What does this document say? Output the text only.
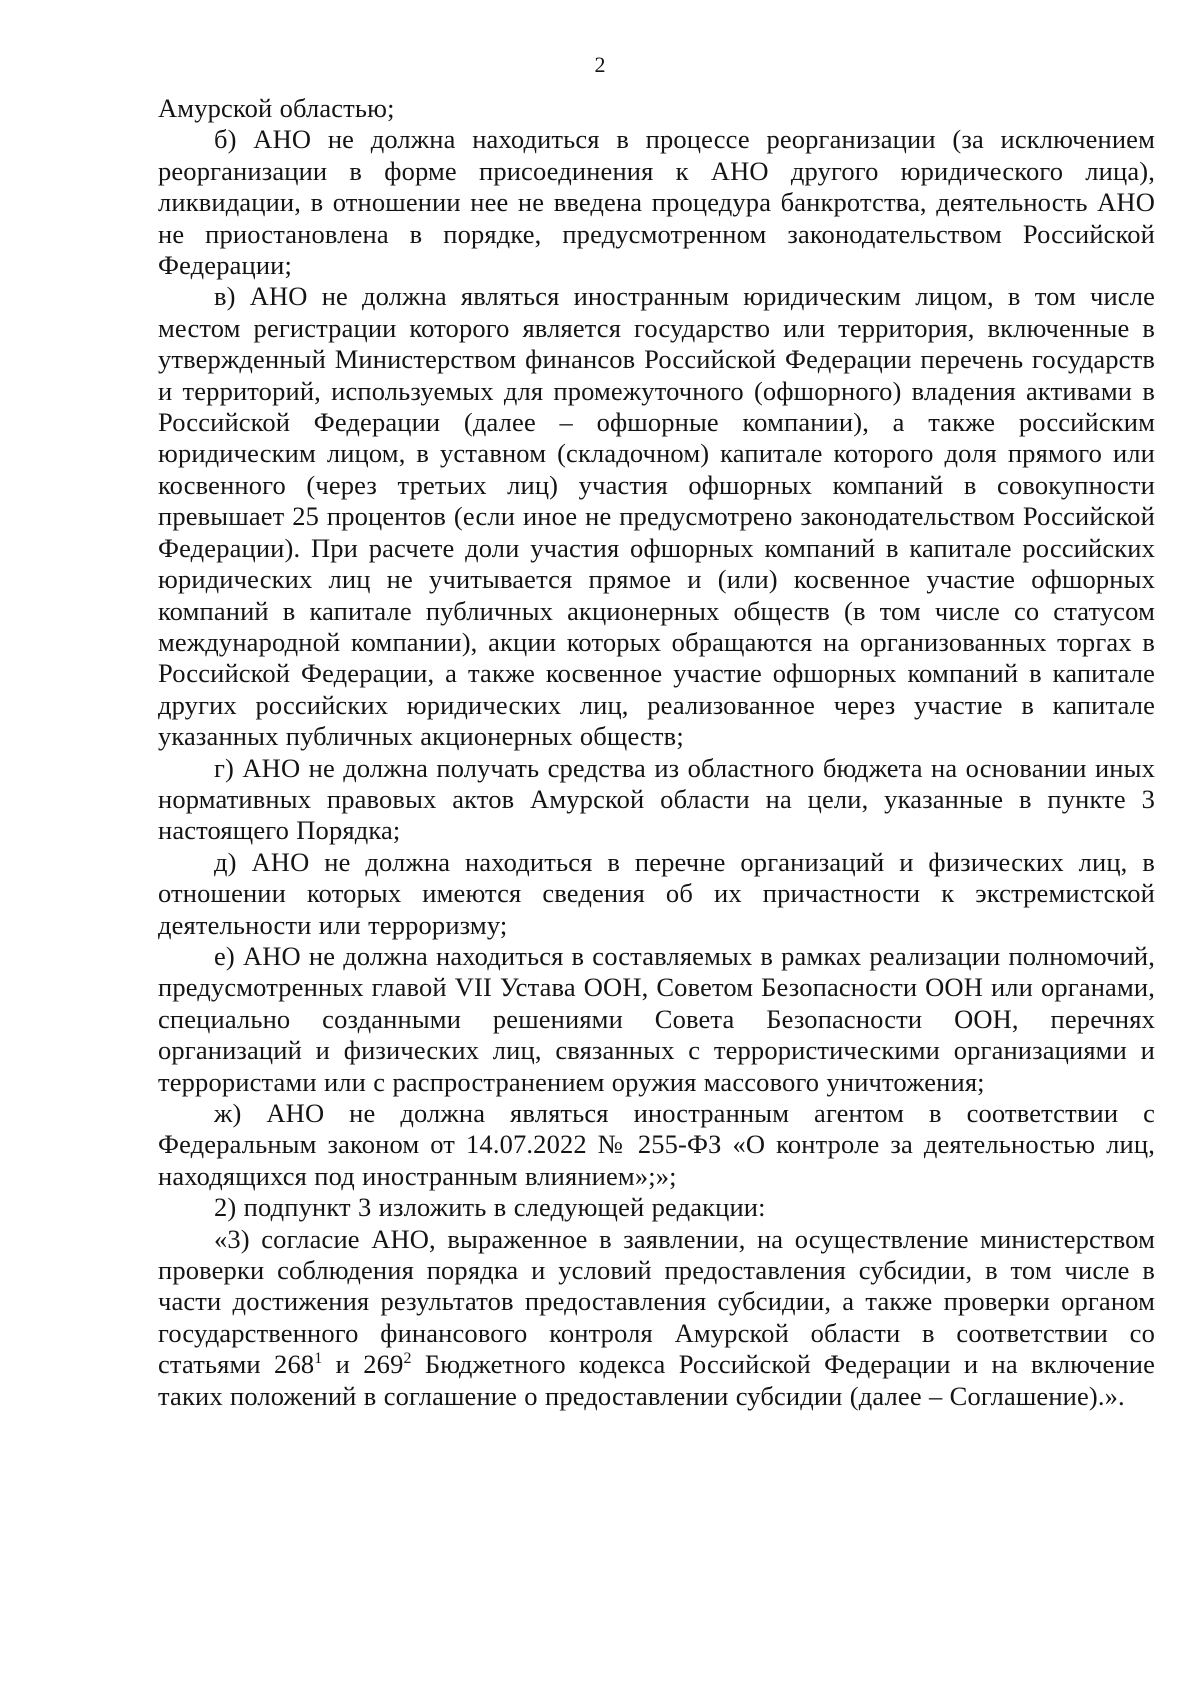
2

Амурской областью;

б) АНО не должна находиться в процессе реорганизации (за исключением реорганизации в форме присоединения к АНО другого юридического лица), ликвидации, в отношении нее не введена процедура банкротства, деятельность АНО не приостановлена в порядке, предусмотренном законодательством Российской Федерации;

в) АНО не должна являться иностранным юридическим лицом, в том числе местом регистрации которого является государство или территория, включенные в утвержденный Министерством финансов Российской Федерации перечень государств и территорий, используемых для промежуточного (офшорного) владения активами в Российской Федерации (далее – офшорные компании), а также российским юридическим лицом, в уставном (складочном) капитале которого доля прямого или косвенного (через третьих лиц) участия офшорных компаний в совокупности превышает 25 процентов (если иное не предусмотрено законодательством Российской Федерации). При расчете доли участия офшорных компаний в капитале российских юридических лиц не учитывается прямое и (или) косвенное участие офшорных компаний в капитале публичных акционерных обществ (в том числе со статусом международной компании), акции которых обращаются на организованных торгах в Российской Федерации, а также косвенное участие офшорных компаний в капитале других российских юридических лиц, реализованное через участие в капитале указанных публичных акционерных обществ;

г) АНО не должна получать средства из областного бюджета на основании иных нормативных правовых актов Амурской области на цели, указанные в пункте 3 настоящего Порядка;

д) АНО не должна находиться в перечне организаций и физических лиц, в отношении которых имеются сведения об их причастности к экстремистской деятельности или терроризму;

е) АНО не должна находиться в составляемых в рамках реализации полномочий, предусмотренных главой VII Устава ООН, Советом Безопасности ООН или органами, специально созданными решениями Совета Безопасности ООН, перечнях организаций и физических лиц, связанных с террористическими организациями и террористами или с распространением оружия массового уничтожения;

ж) АНО не должна являться иностранным агентом в соответствии с Федеральным законом от 14.07.2022 № 255-ФЗ «О контроле за деятельностью лиц, находящихся под иностранным влиянием»;»;

2) подпункт 3 изложить в следующей редакции:

«3) согласие АНО, выраженное в заявлении, на осуществление министерством проверки соблюдения порядка и условий предоставления субсидии, в том числе в части достижения результатов предоставления субсидии, а также проверки органом государственного финансового контроля Амурской области в соответствии со статьями $268^1$ и $269^2$ Бюджетного кодекса Российской Федерации и на включение таких положений в соглашение о предоставлении субсидии (далее – Соглашение).».
